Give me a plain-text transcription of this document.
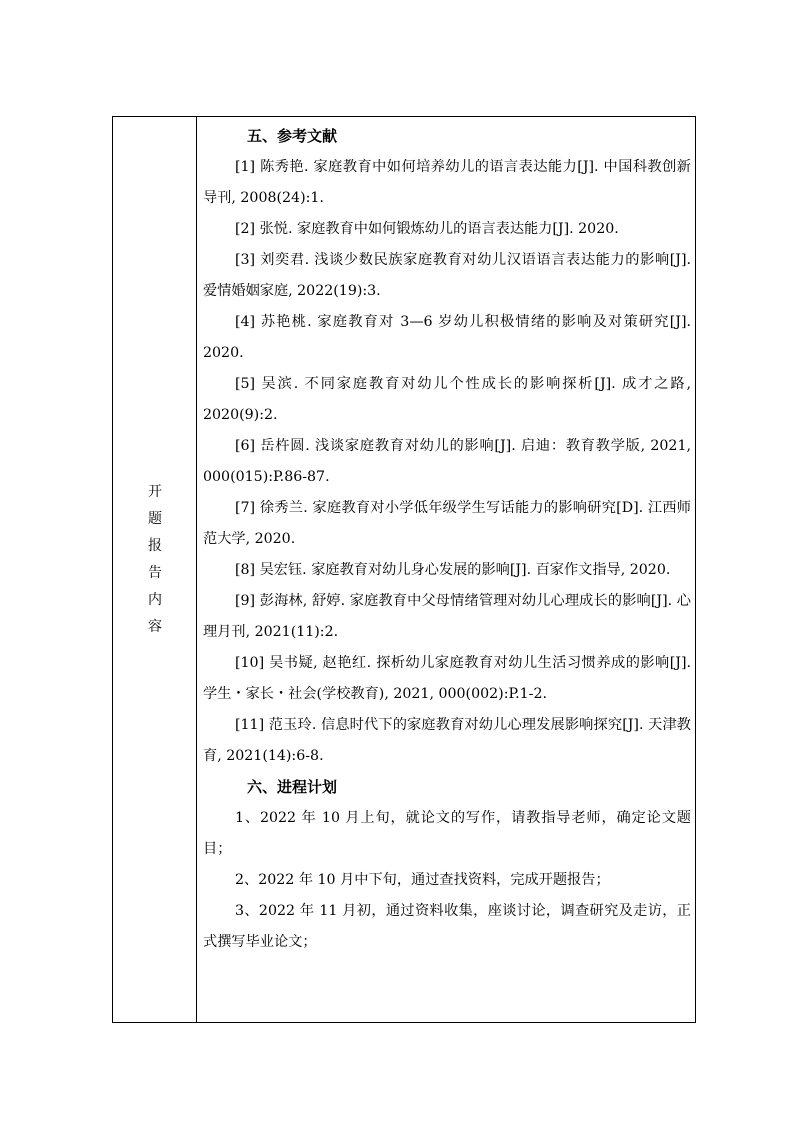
开
题
报
告
内
容

五、参考文献

[1] 陈秀艳. 家庭教育中如何培养幼儿的语言表达能力[J]. 中国科教创新导刊, 2008(24):1.

[2] 张悦. 家庭教育中如何锻炼幼儿的语言表达能力[J]. 2020.

[3] 刘奕君. 浅谈少数民族家庭教育对幼儿汉语语言表达能力的影响[J]. 爱情婚姻家庭, 2022(19):3.

[4] 苏艳桃. 家庭教育对 3—6 岁幼儿积极情绪的影响及对策研究[J]. 2020.

[5] 吴滨. 不同家庭教育对幼儿个性成长的影响探析[J]. 成才之路, 2020(9):2.

[6] 岳杵圆. 浅谈家庭教育对幼儿的影响[J]. 启迪：教育教学版, 2021, 000(015):P.86-87.

[7] 徐秀兰. 家庭教育对小学低年级学生写话能力的影响研究[D]. 江西师范大学, 2020.

[8] 吴宏钰. 家庭教育对幼儿身心发展的影响[J]. 百家作文指导, 2020.

[9] 彭海林, 舒婷. 家庭教育中父母情绪管理对幼儿心理成长的影响[J]. 心理月刊, 2021(11):2.

[10] 吴书疑, 赵艳红. 探析幼儿家庭教育对幼儿生活习惯养成的影响[J]. 学生・家长・社会(学校教育), 2021, 000(002):P.1-2.

[11] 范玉玲. 信息时代下的家庭教育对幼儿心理发展影响探究[J]. 天津教育, 2021(14):6-8.

六、进程计划

1、2022 年 10 月上旬，就论文的写作，请教指导老师，确定论文题目；

2、2022 年 10 月中下旬，通过查找资料，完成开题报告；

3、2022 年 11 月初，通过资料收集，座谈讨论，调查研究及走访，正式撰写毕业论文；
